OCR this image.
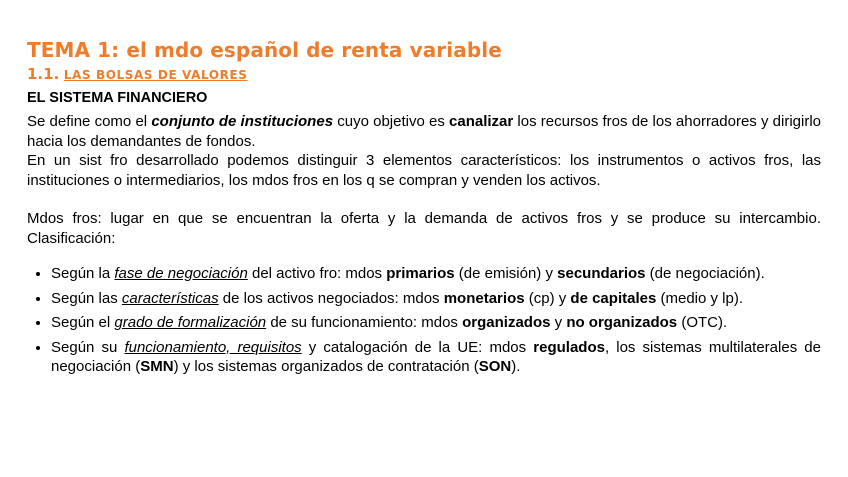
TEMA 1: el mdo español de renta variable
1.1. LAS BOLSAS DE VALORES
EL SISTEMA FINANCIERO

Se define como el conjunto de instituciones cuyo objetivo es canalizar los recursos fros de los ahorradores y dirigirlo hacia los demandantes de fondos.

En un sist fro desarrollado podemos distinguir 3 elementos característicos: los instrumentos o activos fros, las instituciones o intermediarios, los mdos fros en los q se compran y venden los activos.

Mdos fros: lugar en que se encuentran la oferta y la demanda de activos fros y se produce su intercambio. Clasificación:

• Según la fase de negociación del activo fro: mdos primarios (de emisión) y secundarios (de negociación).
• Según las características de los activos negociados: mdos monetarios (cp) y de capitales (medio y lp).
• Según el grado de formalización de su funcionamiento: mdos organizados y no organizados (OTC).
• Según su funcionamiento, requisitos y catalogación de la UE: mdos regulados, los sistemas multilaterales de negociación (SMN) y los sistemas organizados de contratación (SON).
